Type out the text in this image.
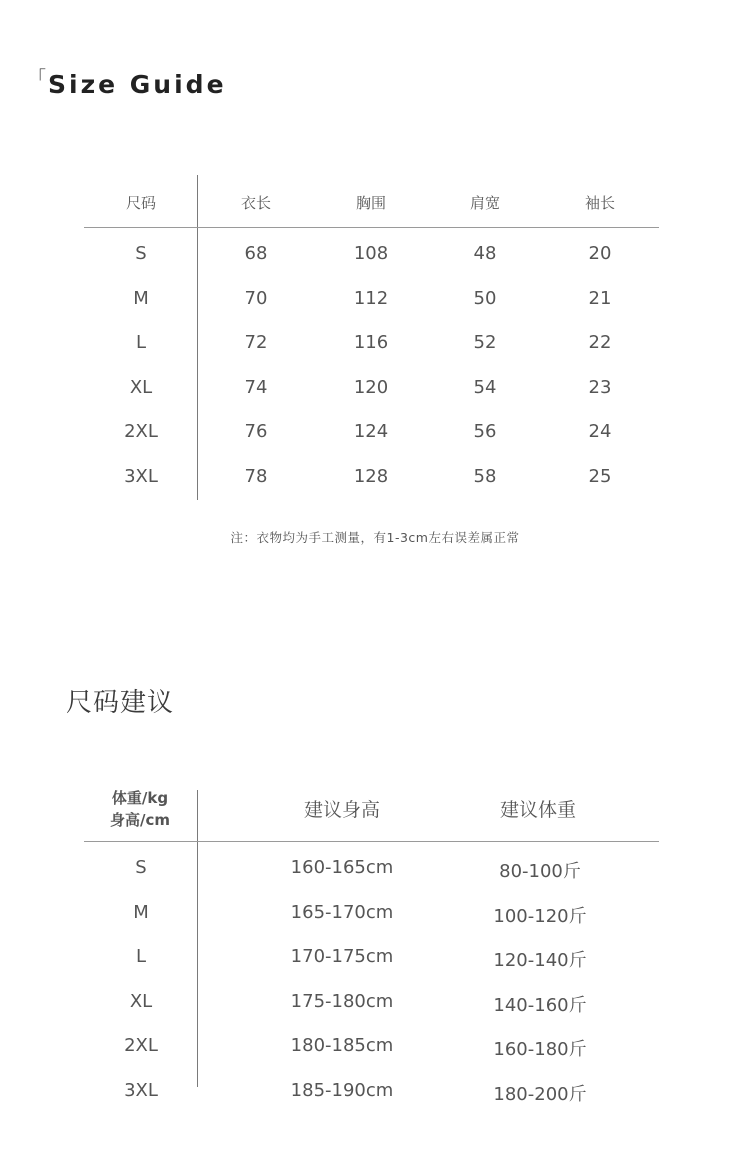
「Size Guide
尺码	衣长	胸围	肩宽	袖长
S	68	108	48	20
M	70	112	50	21
L	72	116	52	22
XL	74	120	54	23
2XL	76	124	56	24
3XL	78	128	58	25
注：衣物均为手工测量，有1-3cm左右误差属正常
尺码建议
体重/kg
身高/cm	建议身高	建议体重
S	160-165cm	80-100斤
M	165-170cm	100-120斤
L	170-175cm	120-140斤
XL	175-180cm	140-160斤
2XL	180-185cm	160-180斤
3XL	185-190cm	180-200斤
